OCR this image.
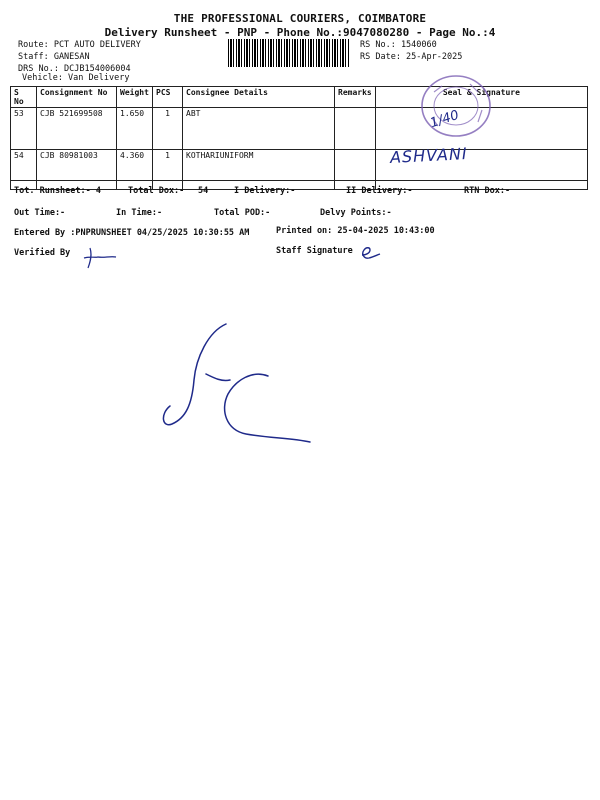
THE PROFESSIONAL COURIERS, COIMBATORE
Delivery Runsheet - PNP - Phone No.:9047080280 - Page No.:4
Route: PCT AUTO DELIVERY
Staff: GANESAN
DRS No.: DCJB154006004
Vehicle: Van Delivery
RS No.: 1540060
RS Date: 25-Apr-2025
S No	Consignment No	Weight	PCS	Consignee Details	Remarks	Seal & Signature
53	CJB 521699508	1.650	1	ABT		
54	CJB 80981003	4.360	1	KOTHARIUNIFORM		
1/40
ASHVANI
Tot. Runsheet:- 4	Total Dox:- 54	I Delivery:-	II Delivery:-	RTN Dox:-
Out Time:-	In Time:-	Total POD:-	Delvy Points:-
Entered By :PNPRUNSHEET 04/25/2025 10:30:55 AM	Printed on: 25-04-2025 10:43:00
Verified By	Staff Signature
